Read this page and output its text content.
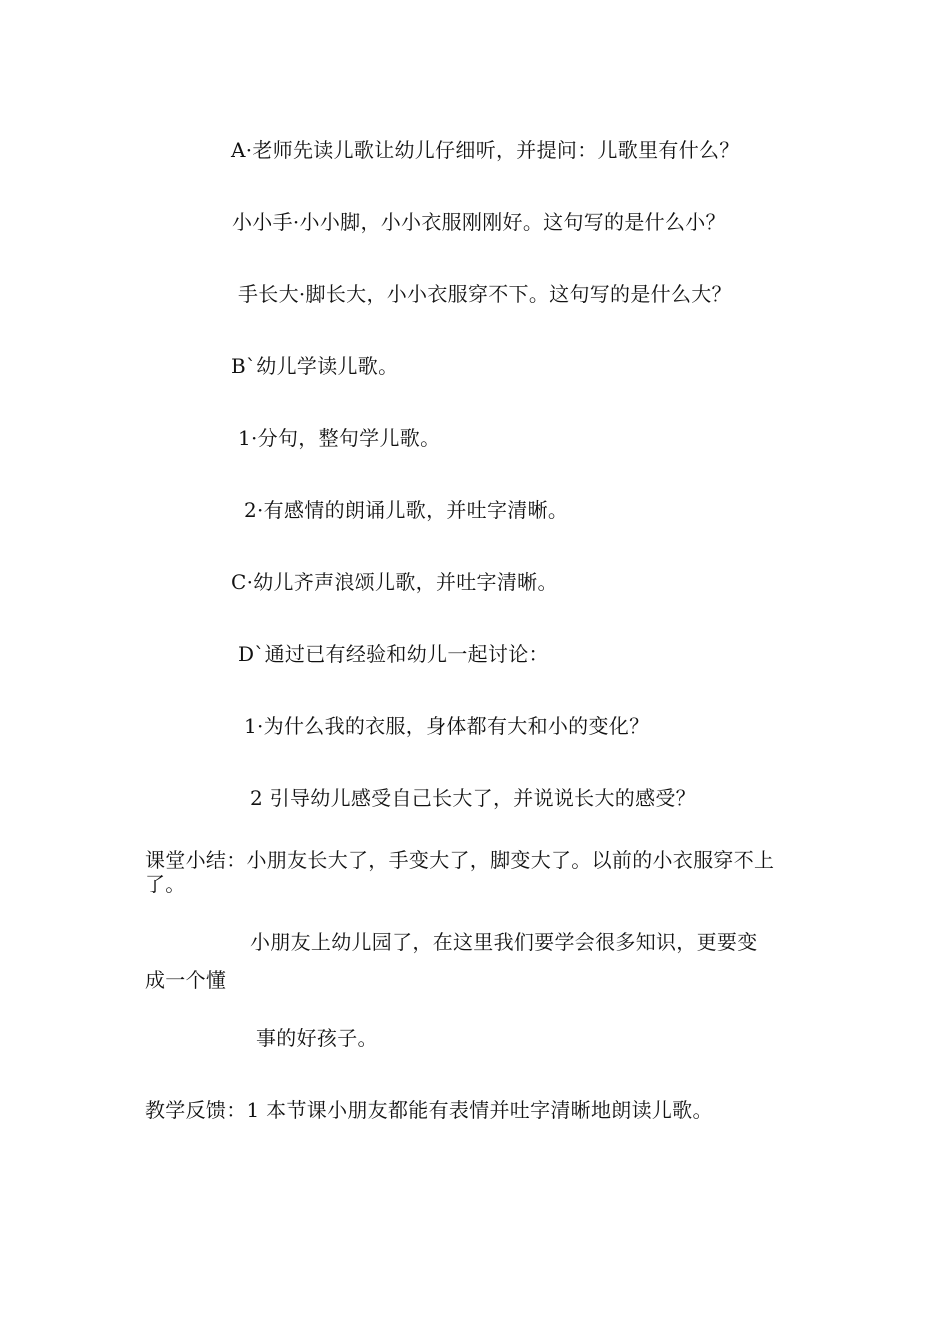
A·老师先读儿歌让幼儿仔细听，并提问：儿歌里有什么？
小小手·小小脚，小小衣服刚刚好。这句写的是什么小？
手长大·脚长大，小小衣服穿不下。这句写的是什么大？
B`幼儿学读儿歌。
1·分句，整句学儿歌。
2·有感情的朗诵儿歌，并吐字清晰。
C·幼儿齐声浪颂儿歌，并吐字清晰。
D`通过已有经验和幼儿一起讨论：
1·为什么我的衣服，身体都有大和小的变化？
2 引导幼儿感受自己长大了，并说说长大的感受？
课堂小结：小朋友长大了，手变大了，脚变大了。以前的小衣服穿不上了。
小朋友上幼儿园了，在这里我们要学会很多知识，更要变
成一个懂
事的好孩子。
教学反馈：1 本节课小朋友都能有表情并吐字清晰地朗读儿歌。
